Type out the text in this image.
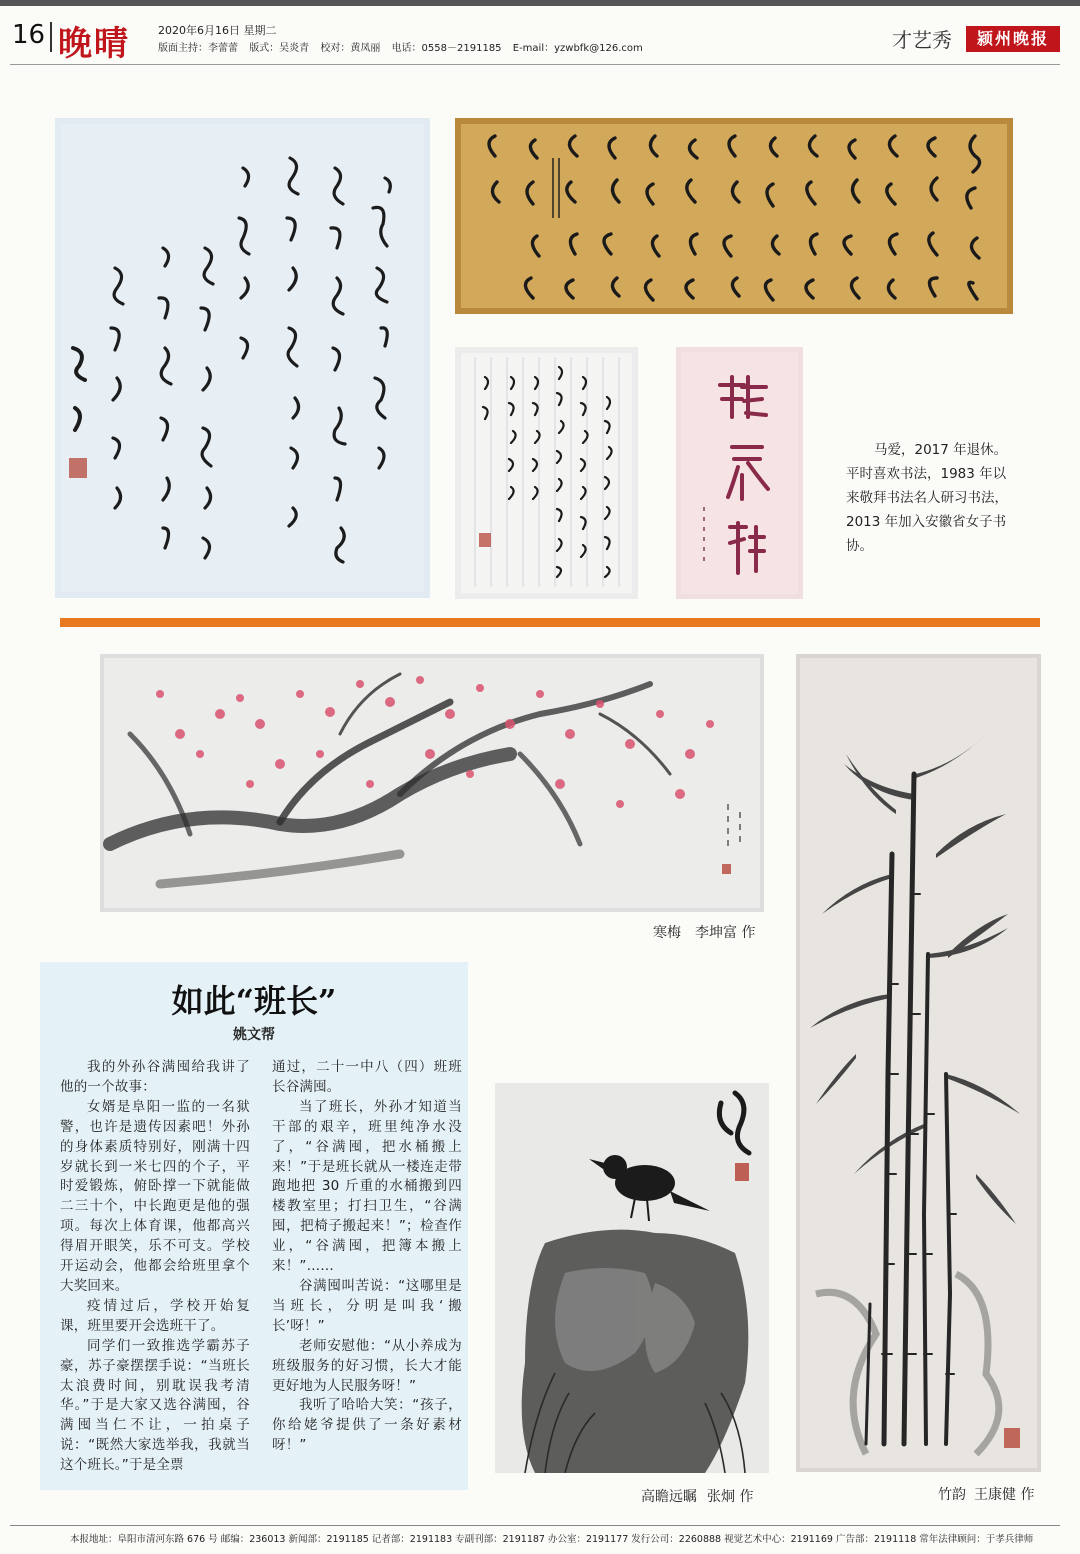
16 晚晴	2020年6月16日 星期二
版面主持：李蕾蕾 版式：吴炎青 校对：黄凤丽 电话：0558－2191185 E-mail：yzwbfk@126.com	才艺秀	颍州晚报
马爱，2017 年退休。平时喜欢书法，1983 年以来敬拜书法名人研习书法，2013 年加入安徽省女子书协。
寒梅 李坤富 作
竹韵 王康健 作
高瞻远瞩 张炯 作
如此“班长”
姚文帮

我的外孙谷满囤给我讲了他的一个故事：

女婿是阜阳一监的一名狱警，也许是遗传因素吧！外孙的身体素质特别好，刚满十四岁就长到一米七四的个子，平时爱锻炼，俯卧撑一下就能做二三十个，中长跑更是他的强项。每次上体育课，他都高兴得眉开眼笑，乐不可支。学校开运动会，他都会给班里拿个大奖回来。

疫情过后，学校开始复课，班里要开会选班干了。

同学们一致推选学霸苏子豪，苏子豪摆摆手说：“当班长太浪费时间，别耽误我考清华。”于是大家又选谷满囤，谷满囤当仁不让，一拍桌子说：“既然大家选举我，我就当这个班长。”于是全票

通过，二十一中八（四）班班长谷满囤。

当了班长，外孙才知道当干部的艰辛，班里纯净水没了，“谷满囤，把水桶搬上来！”于是班长就从一楼连走带跑地把 30 斤重的水桶搬到四楼教室里；打扫卫生，“谷满囤，把椅子搬起来！”；检查作业，“谷满囤，把簿本搬上来！”……

谷满囤叫苦说：“这哪里是当班长，分明是叫我‘搬长’呀！”

老师安慰他：“从小养成为班级服务的好习惯，长大才能更好地为人民服务呀！”

我听了哈哈大笑：“孩子，你给姥爷提供了一条好素材呀！”

本报地址：阜阳市清河东路 676 号 邮编：236013 新闻部：2191185 记者部：2191183 专副刊部：2191187 办公室：2191177 发行公司：2260888 视觉艺术中心：2191169 广告部：2191118 常年法律顾问：于孝兵律师
